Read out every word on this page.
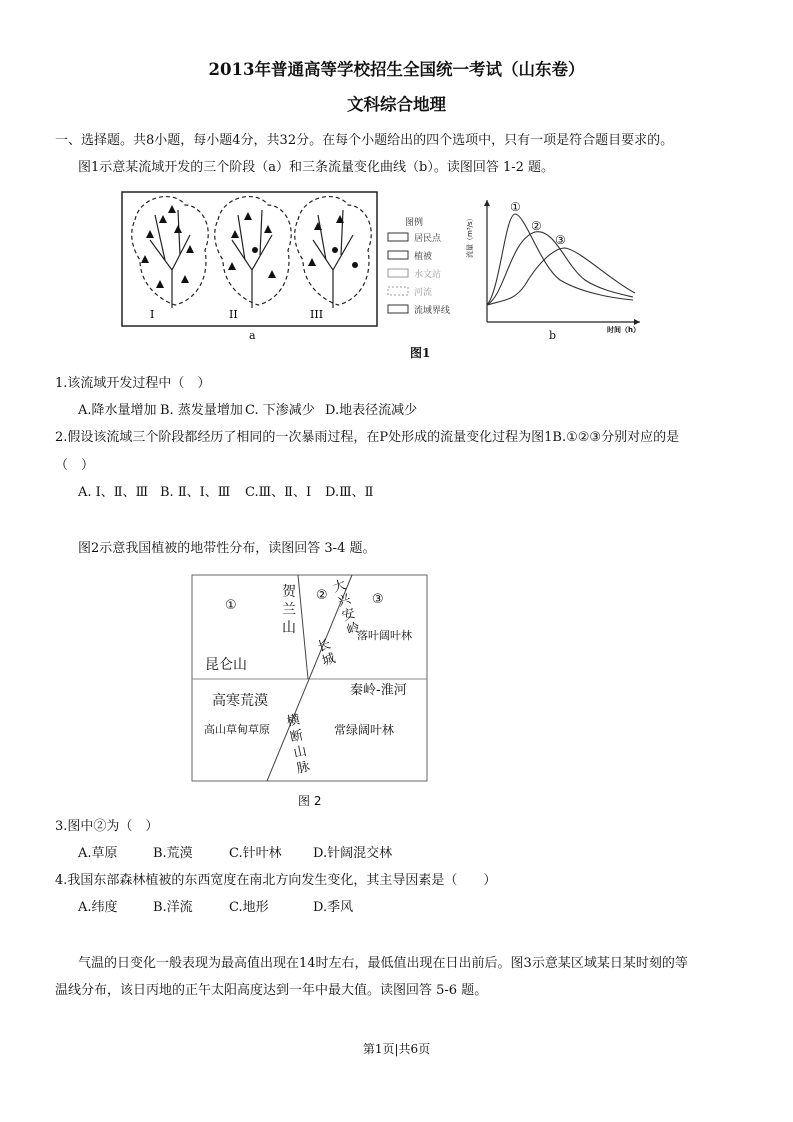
2013年普通高等学校招生全国统一考试（山东卷）
文科综合地理
一、选择题。共8小题，每小题4分，共32分。在每个小题给出的四个选项中，只有一项是符合题目要求的。
图1示意某流域开发的三个阶段（a）和三条流量变化曲线（b）。读图回答 1-2 题。
I	II	III
图例
居民点
植被
水文站
河流
流域界线
a	b
图1
①
②
③
流量（m³/s）
时间（h）
1.该流域开发过程中（　）
A.降水量增加 B. 蒸发量增加 C. 下渗减少 D.地表径流减少
2.假设该流域三个阶段都经历了相同的一次暴雨过程，在P处形成的流量变化过程为图1B.①②③分别对应的是
（　）
A. Ⅰ、Ⅱ、Ⅲ B. Ⅱ、Ⅰ、Ⅲ C.Ⅲ、Ⅱ、Ⅰ D.Ⅲ、Ⅱ
图2示意我国植被的地带性分布，读图回答 3-4 题。
①
②	③
贺兰山
大兴安岭
长城
落叶阔叶林
昆仑山
秦岭-淮河
高寒荒漠
高山草甸草原 横断山脉
常绿阔叶林
图 2
3.图中②为（　）
A.草原	B.荒漠	C.针叶林 D.针阔混交林
4.我国东部森林植被的东西宽度在南北方向发生变化，其主导因素是（　　）
A.纬度	B.洋流	C.地形	D.季风
气温的日变化一般表现为最高值出现在14时左右，最低值出现在日出前后。图3示意某区域某日某时刻的等
温线分布，该日丙地的正午太阳高度达到一年中最大值。读图回答 5-6 题。
第1页|共6页
